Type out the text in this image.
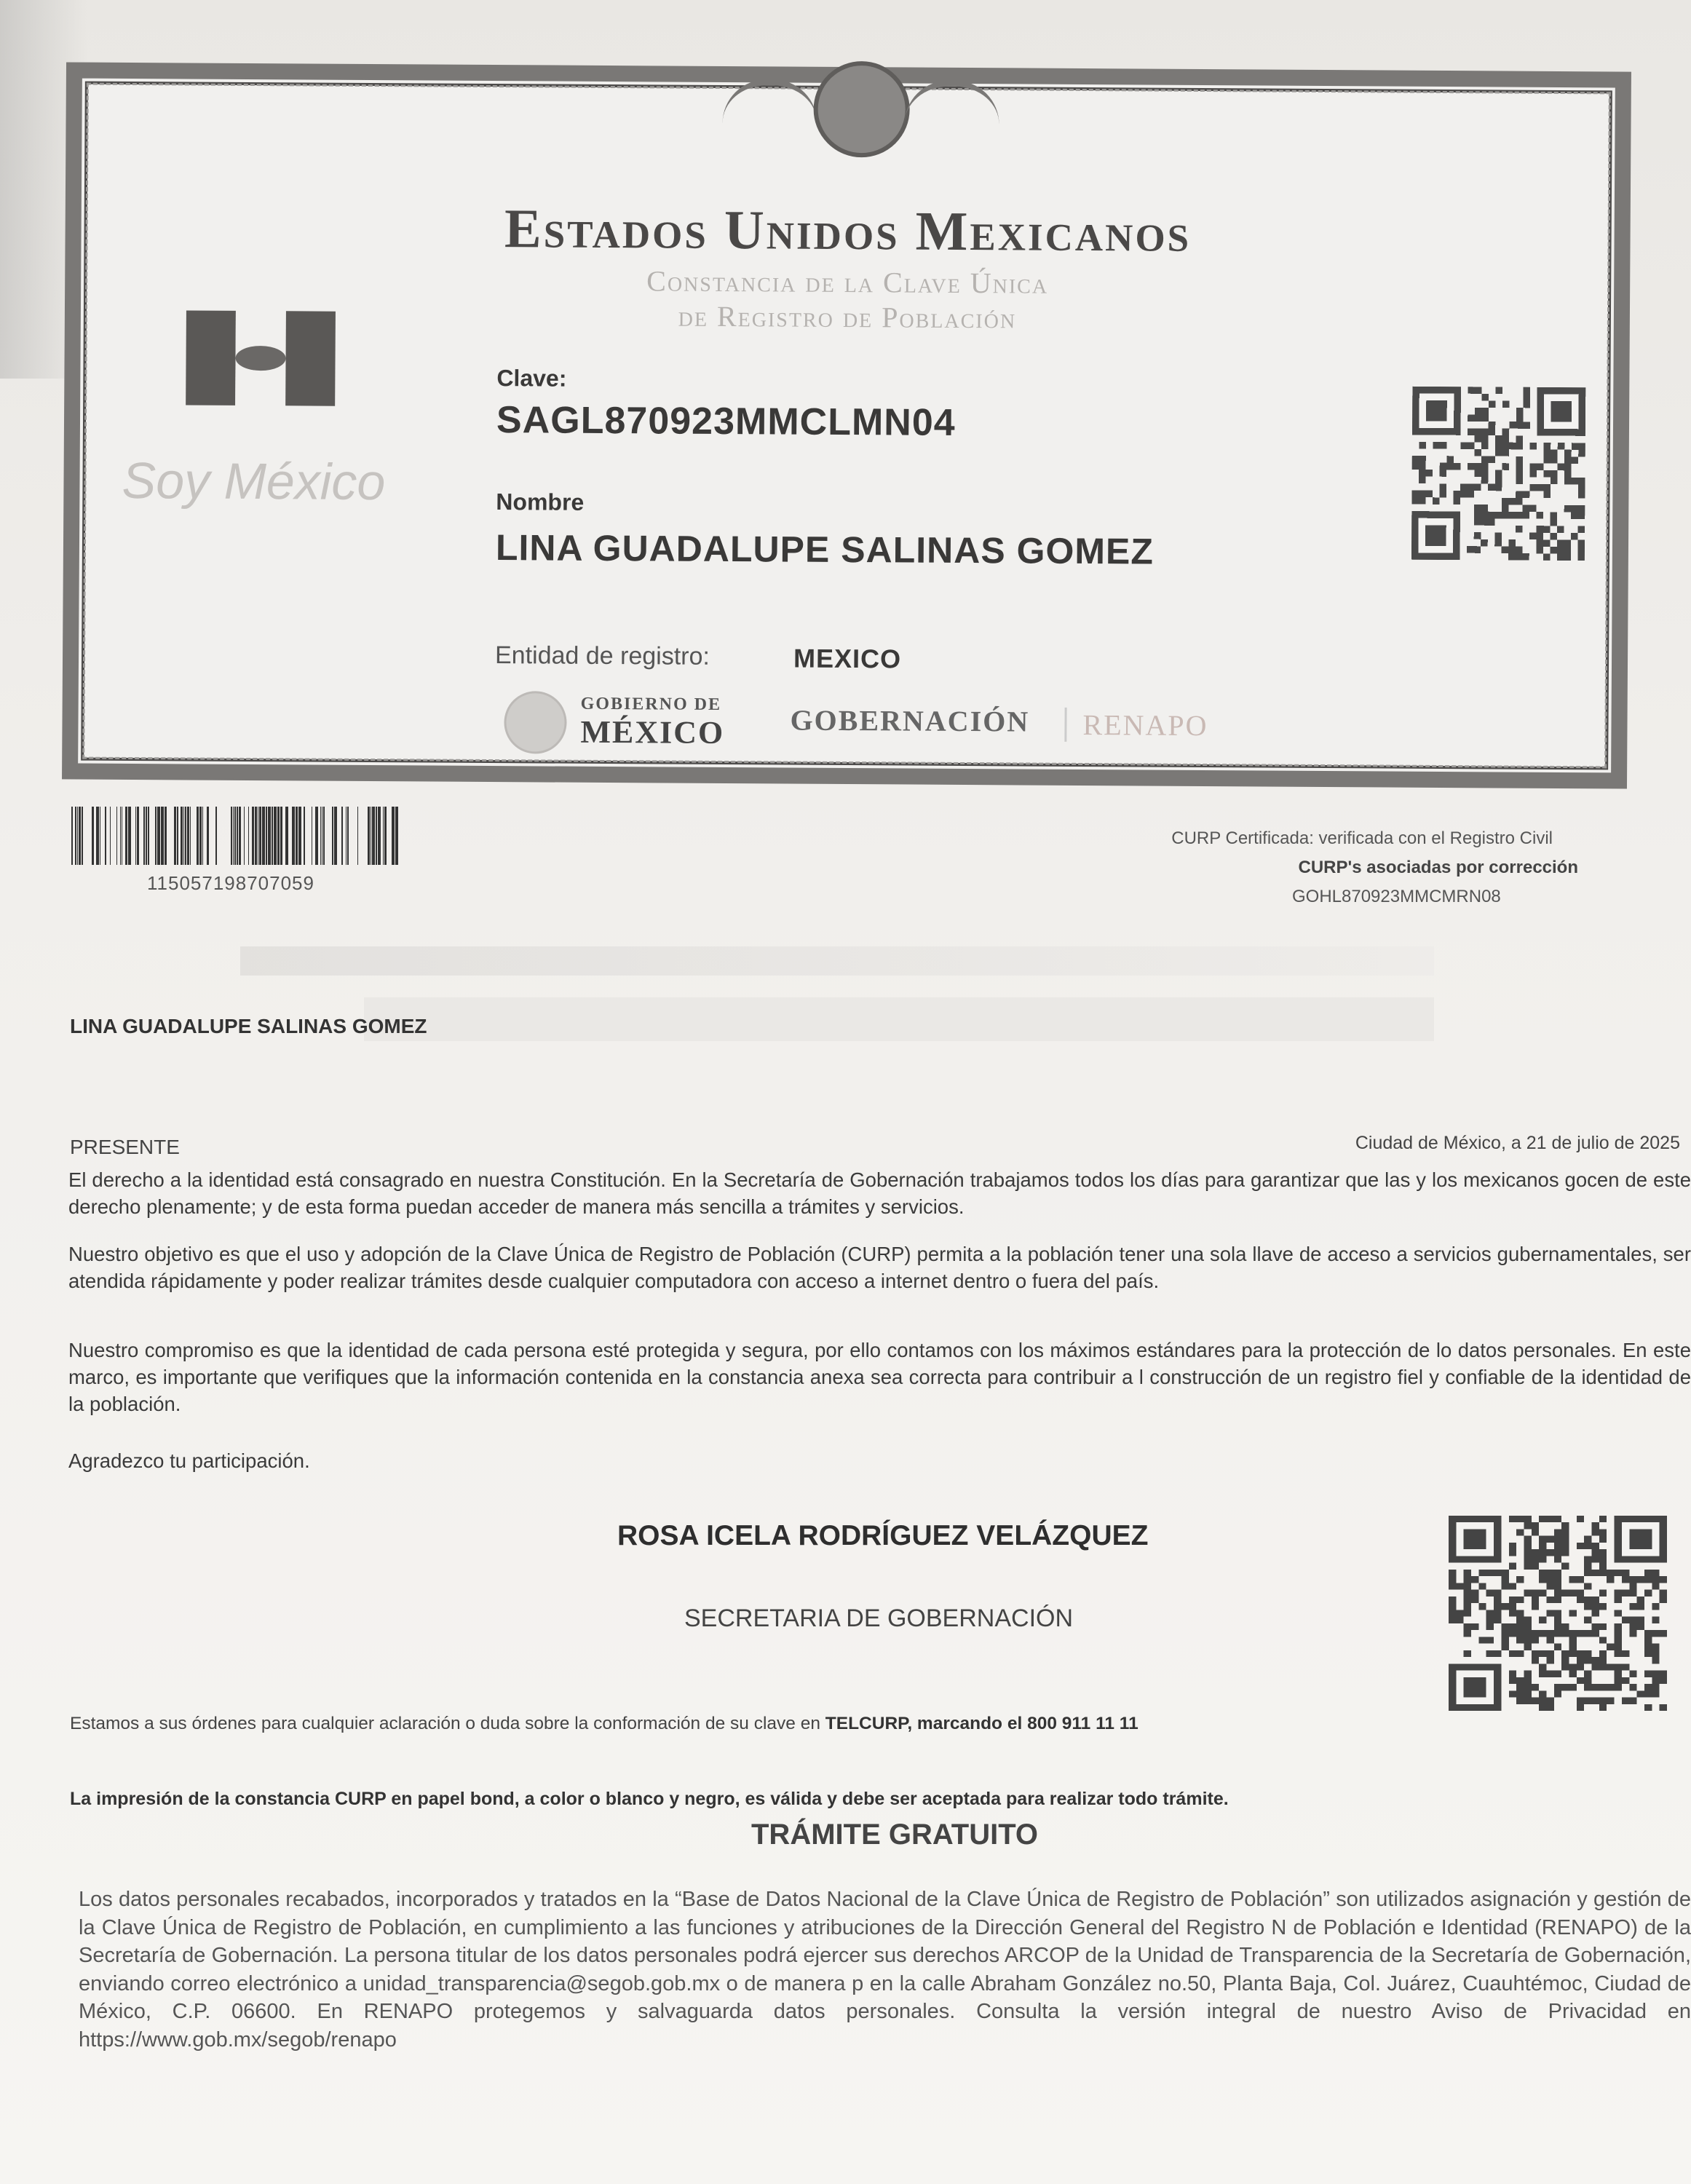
Estados Unidos Mexicanos
Constancia de la Clave Única
de Registro de Población
Soy México
Clave:
SAGL870923MMCLMN04
Nombre
LINA GUADALUPE SALINAS GOMEZ
Entidad de registro:	MEXICO
GOBIERNO DE
MÉXICO GOBERNACIÓN	RENAPO
115057198707059
CURP Certificada: verificada con el Registro Civil
CURP's asociadas por corrección
GOHL870923MMCMRN08
LINA GUADALUPE SALINAS GOMEZ
PRESENTE	Ciudad de México, a 21 de julio de 2025
El derecho a la identidad está consagrado en nuestra Constitución. En la Secretaría de Gobernación trabajamos todos los días para garantizar que las y los mexicanos gocen de este derecho plenamente; y de esta forma puedan acceder de manera más sencilla a trámites y servicios.
Nuestro objetivo es que el uso y adopción de la Clave Única de Registro de Población (CURP) permita a la población tener una sola llave de acceso a servicios gubernamentales, ser atendida rápidamente y poder realizar trámites desde cualquier computadora con acceso a internet dentro o fuera del país.
Nuestro compromiso es que la identidad de cada persona esté protegida y segura, por ello contamos con los máximos estándares para la protección de lo datos personales. En este marco, es importante que verifiques que la información contenida en la constancia anexa sea correcta para contribuir a l construcción de un registro fiel y confiable de la identidad de la población.
Agradezco tu participación.
ROSA ICELA RODRÍGUEZ VELÁZQUEZ
SECRETARIA DE GOBERNACIÓN
Estamos a sus órdenes para cualquier aclaración o duda sobre la conformación de su clave en TELCURP, marcando el 800 911 11 11
La impresión de la constancia CURP en papel bond, a color o blanco y negro, es válida y debe ser aceptada para realizar todo trámite.
TRÁMITE GRATUITO
Los datos personales recabados, incorporados y tratados en la “Base de Datos Nacional de la Clave Única de Registro de Población” son utilizados asignación y gestión de la Clave Única de Registro de Población, en cumplimiento a las funciones y atribuciones de la Dirección General del Registro N de Población e Identidad (RENAPO) de la Secretaría de Gobernación. La persona titular de los datos personales podrá ejercer sus derechos ARCOP de la Unidad de Transparencia de la Secretaría de Gobernación, enviando correo electrónico a unidad_transparencia@segob.gob.mx o de manera p en la calle Abraham González no.50, Planta Baja, Col. Juárez, Cuauhtémoc, Ciudad de México, C.P. 06600. En RENAPO protegemos y salvaguarda datos personales. Consulta la versión integral de nuestro Aviso de Privacidad en https://www.gob.mx/segob/renapo
